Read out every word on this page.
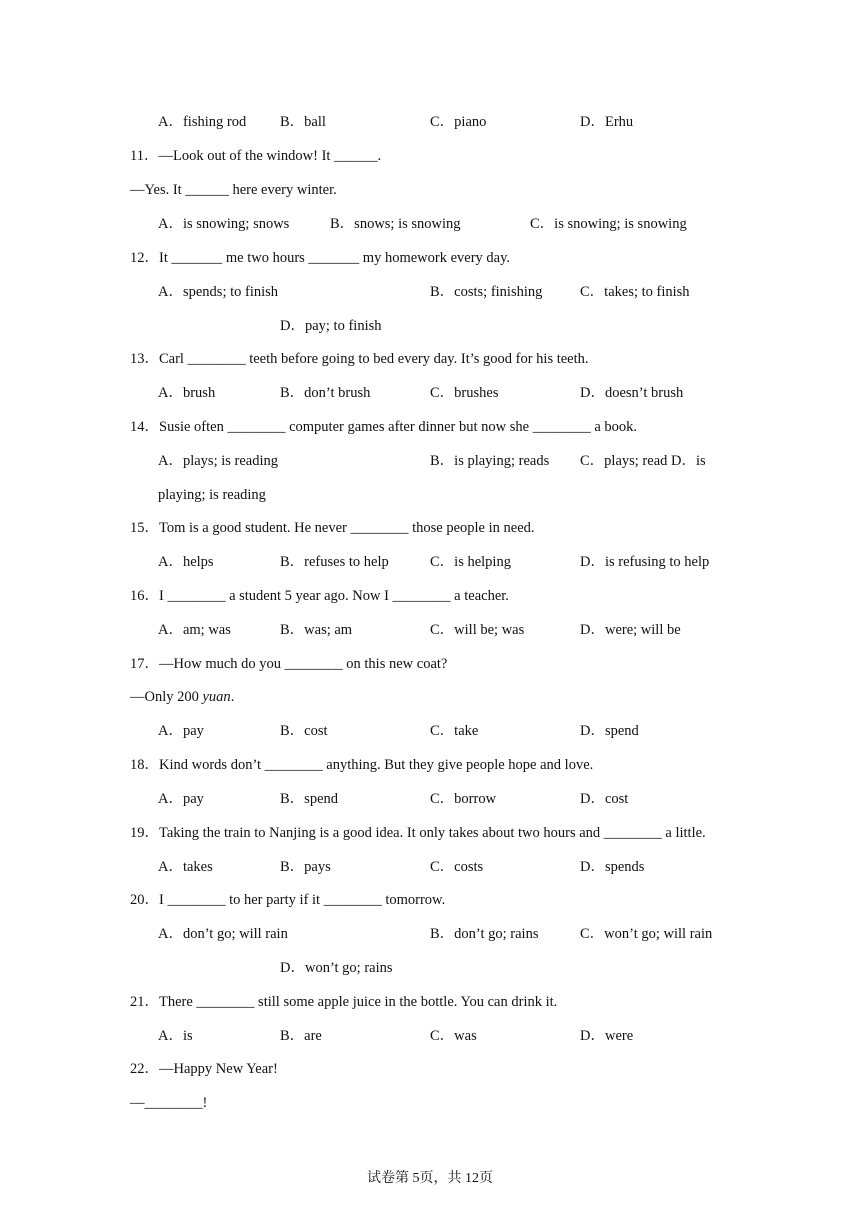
A．fishing rod B．ball	C．piano	D．Erhu
11．—Look out of the window! It ______.
—Yes. It ______ here every winter.
A．is snowing; snows	B．snows; is snowing	C．is snowing; is snowing
12．It _______ me two hours _______ my homework every day.
A．spends; to finish	B．costs; finishing	C．takes; to finish
D．pay; to finish
13．Carl ________ teeth before going to bed every day. It’s good for his teeth.
A．brush	B．don’t brush	C．brushes	D．doesn’t brush
14．Susie often ________ computer games after dinner but now she ________ a book.
A．plays; is reading	B．is playing; reads C．plays; read D．is
playing; is reading
15．Tom is a good student. He never ________ those people in need.
A．helps	B．refuses to help	C．is helping	D．is refusing to help
16．I ________ a student 5 year ago. Now I ________ a teacher.
A．am; was	B．was; am	C．will be; was	D．were; will be
17．—How much do you ________ on this new coat?
—Only 200 yuan.
A．pay	B．cost	C．take	D．spend
18．Kind words don’t ________ anything. But they give people hope and love.
A．pay	B．spend	C．borrow	D．cost
19．Taking the train to Nanjing is a good idea. It only takes about two hours and ________ a little.
A．takes	B．pays	C．costs	D．spends
20．I ________ to her party if it ________ tomorrow.
A．don’t go; will rain	B．don’t go; rains	C．won’t go; will rain
D．won’t go; rains
21．There ________ still some apple juice in the bottle. You can drink it.
A．is	B．are	C．was	D．were
22．—Happy New Year!
—________!
试卷第 5页，共 12页
